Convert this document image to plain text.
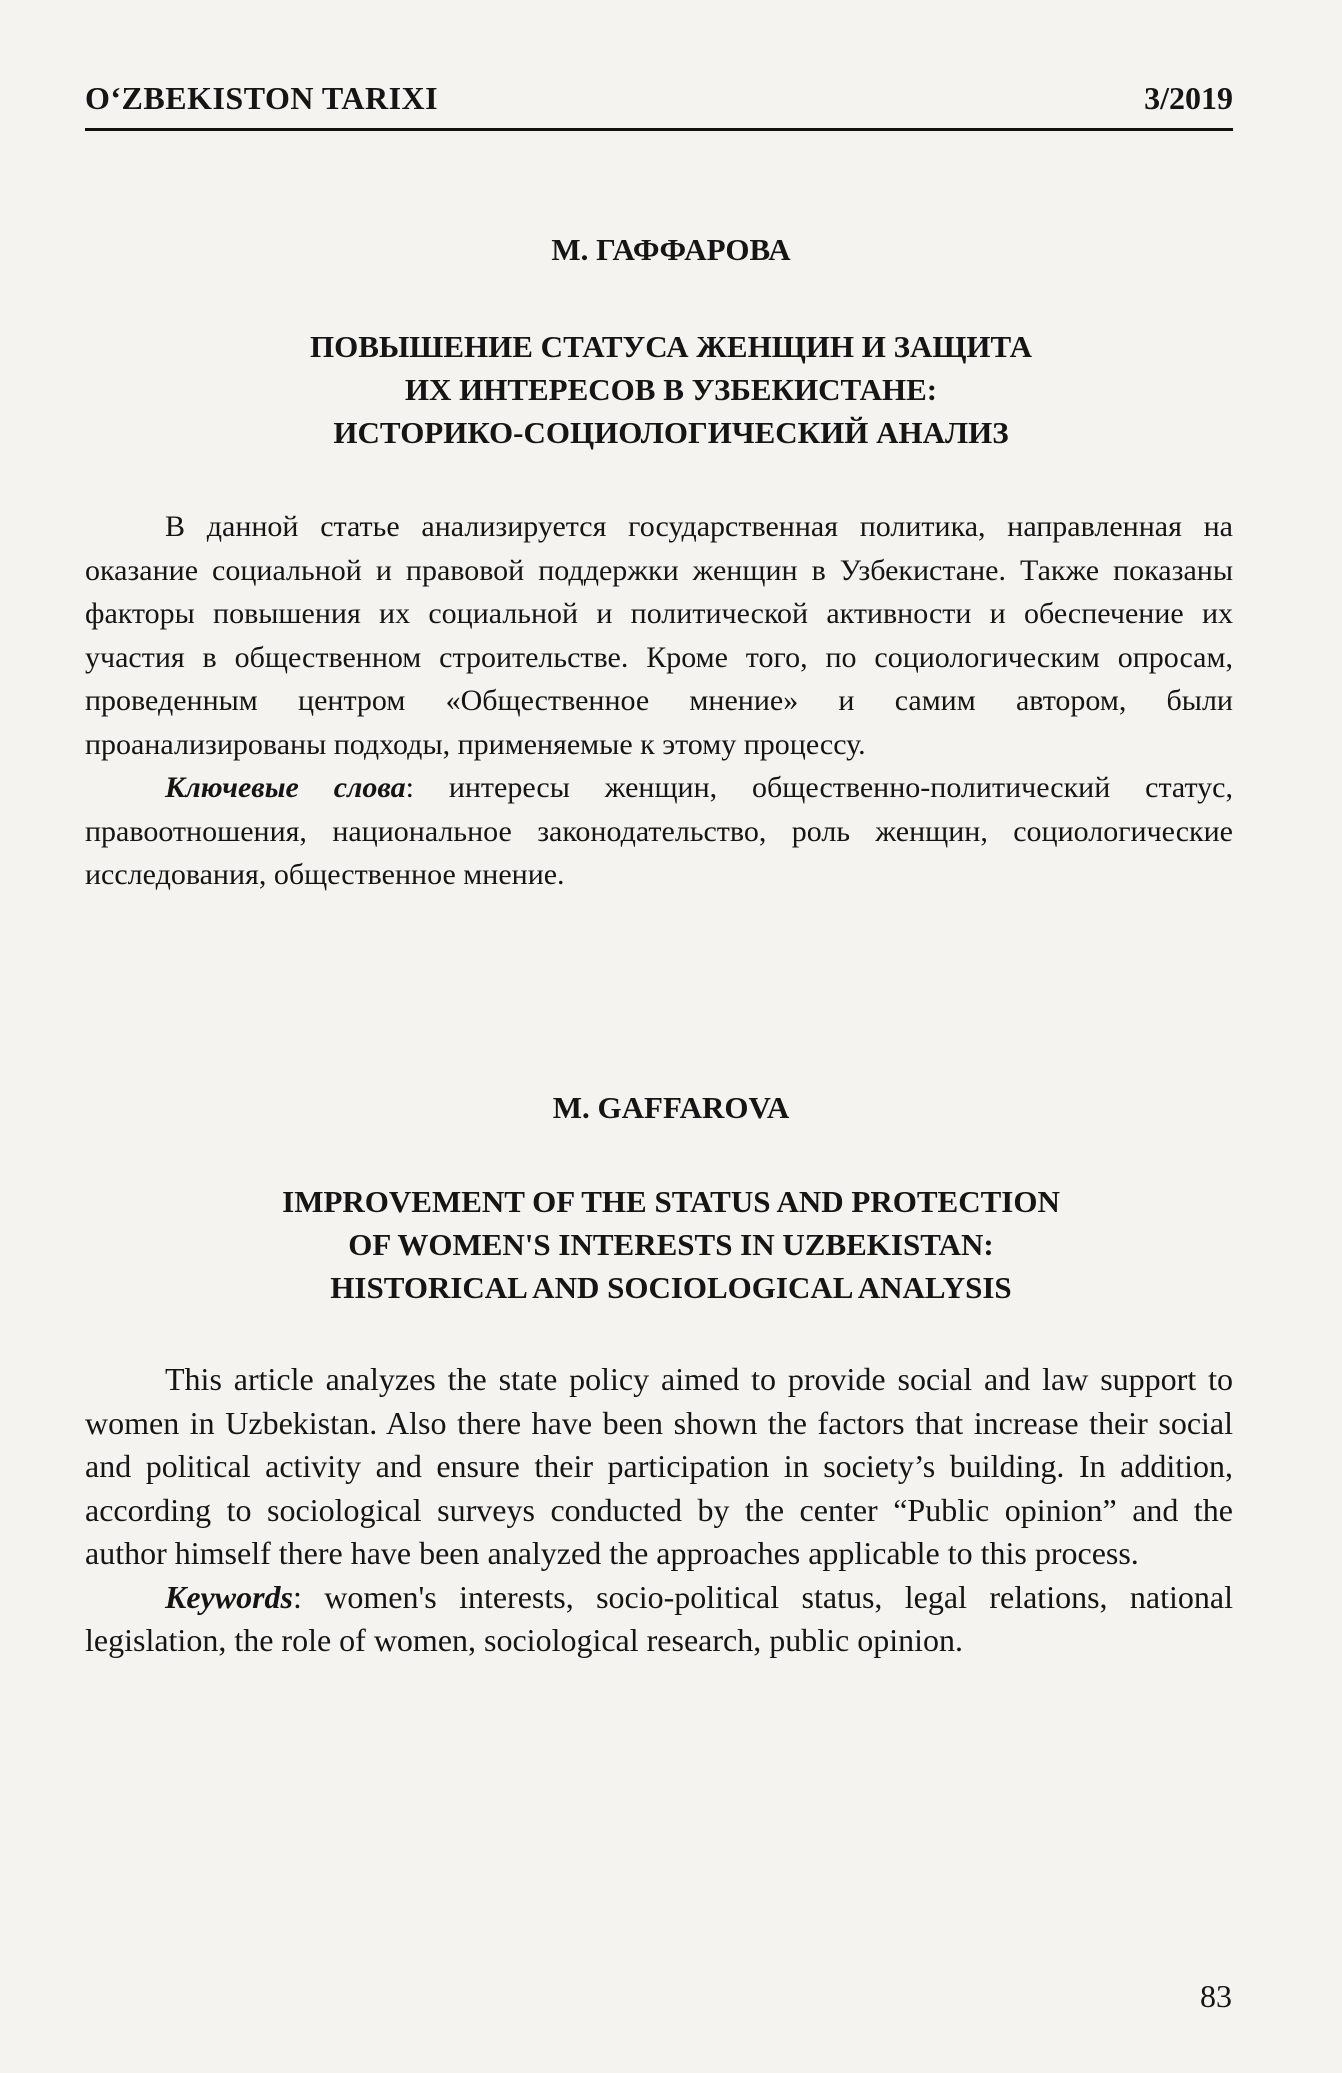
O‘ZBEKISTON TARIXI	3/2019
М. ГАФФАРОВА
ПОВЫШЕНИЕ СТАТУСА ЖЕНЩИН И ЗАЩИТА
ИХ ИНТЕРЕСОВ В УЗБЕКИСТАНЕ:
ИСТОРИКО-СОЦИОЛОГИЧЕСКИЙ АНАЛИЗ

В данной статье анализируется государственная политика, направленная на оказание социальной и правовой поддержки женщин в Узбекистане. Также показаны факторы повышения их социальной и политической активности и обеспечение их участия в общественном строительстве. Кроме того, по социологическим опросам, проведенным центром «Общественное мнение» и самим автором, были проанализированы подходы, применяемые к этому процессу.

Ключевые слова: интересы женщин, общественно-политический статус, правоотношения, национальное законодательство, роль женщин, социологические исследования, общественное мнение.

M. GAFFAROVA
IMPROVEMENT OF THE STATUS AND PROTECTION
OF WOMEN'S INTERESTS IN UZBEKISTAN:
HISTORICAL AND SOCIOLOGICAL ANALYSIS

This article analyzes the state policy aimed to provide social and law support to women in Uzbekistan. Also there have been shown the factors that increase their social and political activity and ensure their participation in society’s building. In addition, according to sociological surveys conducted by the center “Public opinion” and the author himself there have been analyzed the approaches applicable to this process.

Keywords: women's interests, socio-political status, legal relations, national legislation, the role of women, sociological research, public opinion.

83
